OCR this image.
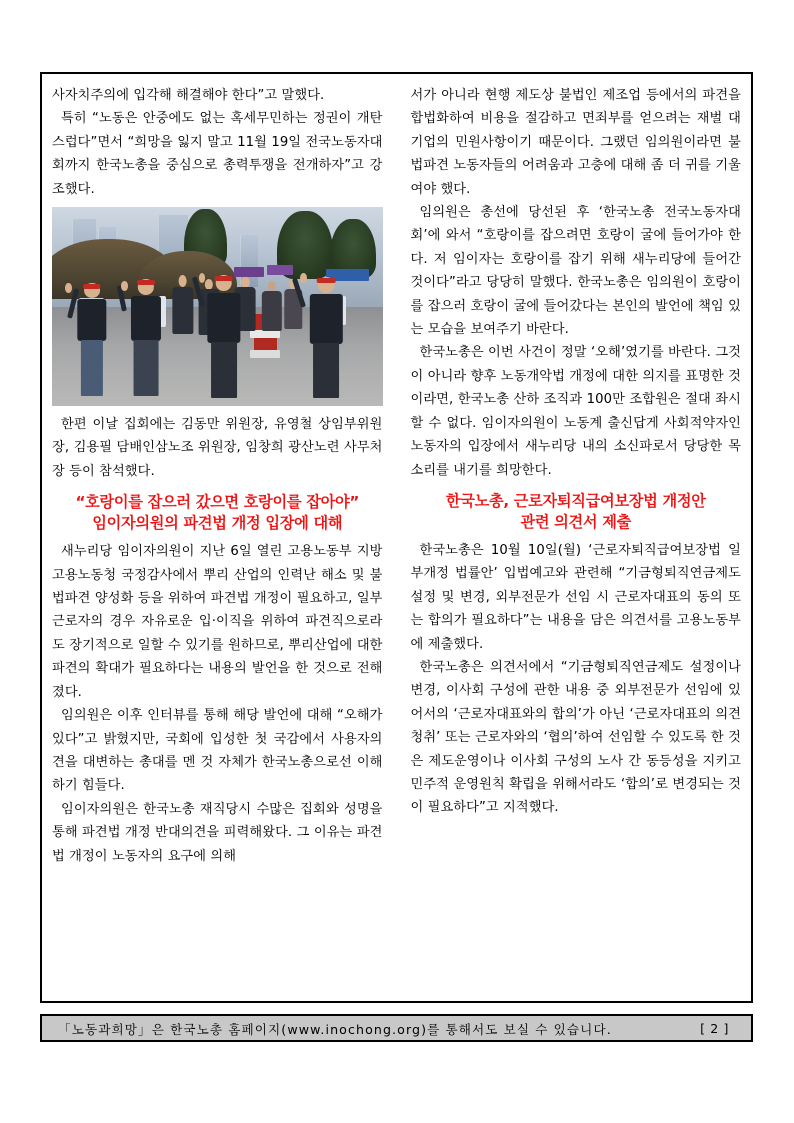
사자치주의에 입각해 해결해야 한다”고 말했다.

특히 “노동은 안중에도 없는 혹세무민하는 정권이 개탄스럽다”면서 “희망을 잃지 말고 11월 19일 전국노동자대회까지 한국노총을 중심으로 총력투쟁을 전개하자”고 강조했다.

한편 이날 집회에는 김동만 위원장, 유영철 상임부위원장, 김용필 담배인삼노조 위원장, 임창희 광산노련 사무처장 등이 참석했다.

“호랑이를 잡으러 갔으면 호랑이를 잡아야”
임이자의원의 파견법 개정 입장에 대해

새누리당 임이자의원이 지난 6일 열린 고용노동부 지방고용노동청 국정감사에서 뿌리 산업의 인력난 해소 및 불법파견 양성화 등을 위하여 파견법 개정이 필요하고, 일부 근로자의 경우 자유로운 입·이직을 위하여 파견직으로라도 장기적으로 일할 수 있기를 원하므로, 뿌리산업에 대한 파견의 확대가 필요하다는 내용의 발언을 한 것으로 전해졌다.

임의원은 이후 인터뷰를 통해 해당 발언에 대해 “오해가 있다”고 밝혔지만, 국회에 입성한 첫 국감에서 사용자의견을 대변하는 총대를 멘 것 자체가 한국노총으로선 이해하기 힘들다.

임이자의원은 한국노총 재직당시 수많은 집회와 성명을 통해 파견법 개정 반대의견을 피력해왔다. 그 이유는 파견법 개정이 노동자의 요구에 의해

서가 아니라 현행 제도상 불법인 제조업 등에서의 파견을 합법화하여 비용을 절감하고 면죄부를 얻으려는 재벌 대기업의 민원사항이기 때문이다. 그랬던 임의원이라면 불법파견 노동자들의 어려움과 고충에 대해 좀 더 귀를 기울여야 했다.

임의원은 총선에 당선된 후 ‘한국노총 전국노동자대회’에 와서 “호랑이를 잡으려면 호랑이 굴에 들어가야 한다. 저 임이자는 호랑이를 잡기 위해 새누리당에 들어간 것이다”라고 당당히 말했다. 한국노총은 임의원이 호랑이를 잡으러 호랑이 굴에 들어갔다는 본인의 발언에 책임 있는 모습을 보여주기 바란다.

한국노총은 이번 사건이 정말 ‘오해’였기를 바란다. 그것이 아니라 향후 노동개악법 개정에 대한 의지를 표명한 것이라면, 한국노총 산하 조직과 100만 조합원은 절대 좌시할 수 없다. 임이자의원이 노동계 출신답게 사회적약자인 노동자의 입장에서 새누리당 내의 소신파로서 당당한 목소리를 내기를 희망한다.

한국노총, 근로자퇴직급여보장법 개정안
관련 의견서 제출

한국노총은 10월 10일(월) ‘근로자퇴직급여보장법 일부개정 법률안’ 입법예고와 관련해 “기금형퇴직연금제도 설정 및 변경, 외부전문가 선임 시 근로자대표의 동의 또는 합의가 필요하다”는 내용을 담은 의견서를 고용노동부에 제출했다.

한국노총은 의견서에서 “기금형퇴직연금제도 설정이나 변경, 이사회 구성에 관한 내용 중 외부전문가 선임에 있어서의 ‘근로자대표와의 합의’가 아닌 ‘근로자대표의 의견청취’ 또는 근로자와의 ‘협의’하여 선임할 수 있도록 한 것은 제도운영이나 이사회 구성의 노사 간 동등성을 지키고 민주적 운영원칙 확립을 위해서라도 ‘합의’로 변경되는 것이 필요하다”고 지적했다.

「노동과희망」은 한국노총 홈페이지(www.inochong.org)를 통해서도 보실 수 있습니다.	[ 2 ]
